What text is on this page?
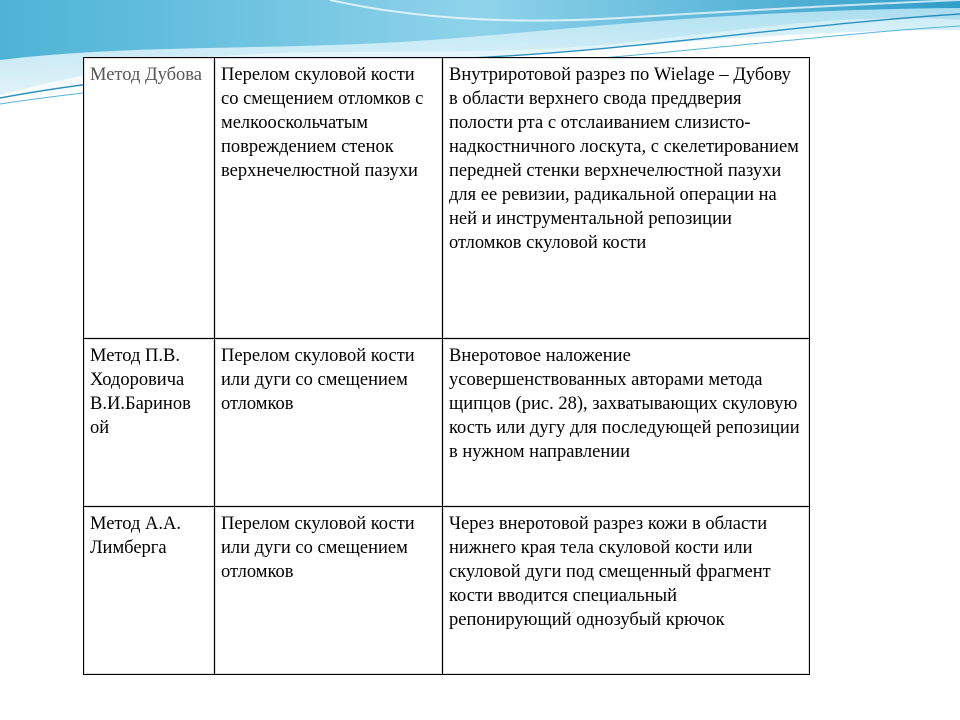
Метод Дубова	Перелом скуловой кости со смещением отломков с мелкооскольчатым повреждением стенок верхнечелюстной пазухи	Внутриротовой разрез по Wielage – Дубову в области верхнего свода преддверия полости рта с отслаиванием слизисто-надкостничного лоскута, с скелетированием передней стенки верхнечелюстной пазухи для ее ревизии, радикальной операции на ней и инструментальной репозиции отломков скуловой кости
Метод П.В. Ходоровича В.И.Баринов ой	Перелом скуловой кости или дуги со смещением отломков	Внеротовое наложение усовершенствованных авторами метода щипцов (рис. 28), захватывающих скуловую кость или дугу для последующей репозиции в нужном направлении
Метод А.А. Лимберга	Перелом скуловой кости или дуги со смещением отломков	Через внеротовой разрез кожи в области нижнего края тела скуловой кости или скуловой дуги под смещенный фрагмент кости вводится специальный репонирующий однозубый крючок
